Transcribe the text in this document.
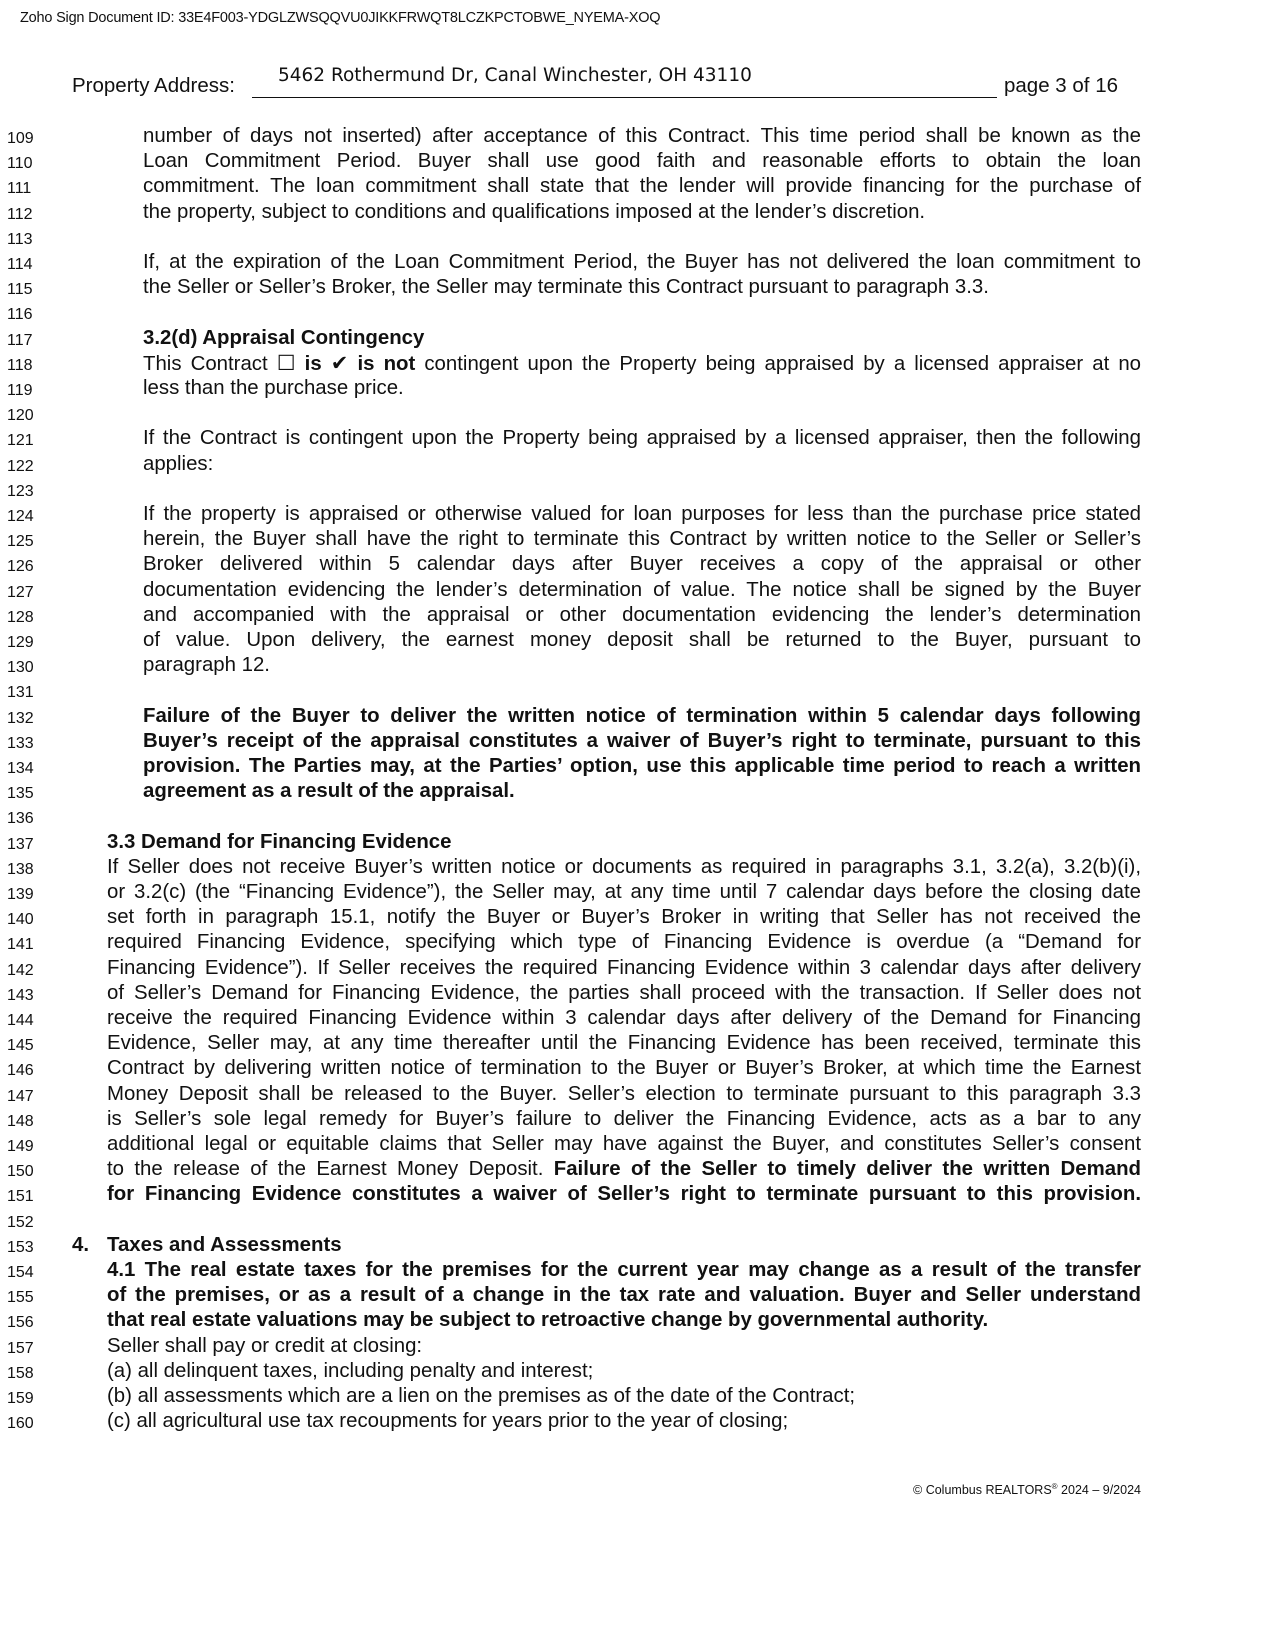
Zoho Sign Document ID: 33E4F003-YDGLZWSQQVU0JIKKFRWQT8LCZKPCTOBWE_NYEMA-XOQ
Property Address: 5462 Rothermund Dr, Canal Winchester, OH 43110	page 3 of 16
109	number of days not inserted) after acceptance of this Contract. This time period shall be known as the
110	Loan Commitment Period. Buyer shall use good faith and reasonable efforts to obtain the loan
111	commitment. The loan commitment shall state that the lender will provide financing for the purchase of
112	the property, subject to conditions and qualifications imposed at the lender’s discretion.
113
114	If, at the expiration of the Loan Commitment Period, the Buyer has not delivered the loan commitment to
115	the Seller or Seller’s Broker, the Seller may terminate this Contract pursuant to paragraph 3.3.
116
117	3.2(d) Appraisal Contingency
118	This Contract ☐ is ✔ is not contingent upon the Property being appraised by a licensed appraiser at no
119	less than the purchase price.
120
121	If the Contract is contingent upon the Property being appraised by a licensed appraiser, then the following
122	applies:
123
124	If the property is appraised or otherwise valued for loan purposes for less than the purchase price stated
125	herein, the Buyer shall have the right to terminate this Contract by written notice to the Seller or Seller’s
126	Broker delivered within 5 calendar days after Buyer receives a copy of the appraisal or other
127	documentation evidencing the lender’s determination of value. The notice shall be signed by the Buyer
128	and accompanied with the appraisal or other documentation evidencing the lender’s determination
129	of value. Upon delivery, the earnest money deposit shall be returned to the Buyer, pursuant to
130	paragraph 12.
131
132	Failure of the Buyer to deliver the written notice of termination within 5 calendar days following
133	Buyer’s receipt of the appraisal constitutes a waiver of Buyer’s right to terminate, pursuant to this
134	provision. The Parties may, at the Parties’ option, use this applicable time period to reach a written
135	agreement as a result of the appraisal.
136
137	3.3 Demand for Financing Evidence
138	If Seller does not receive Buyer’s written notice or documents as required in paragraphs 3.1, 3.2(a), 3.2(b)(i),
139	or 3.2(c) (the “Financing Evidence”), the Seller may, at any time until 7 calendar days before the closing date
140	set forth in paragraph 15.1, notify the Buyer or Buyer’s Broker in writing that Seller has not received the
141	required Financing Evidence, specifying which type of Financing Evidence is overdue (a “Demand for
142	Financing Evidence”). If Seller receives the required Financing Evidence within 3 calendar days after delivery
143	of Seller’s Demand for Financing Evidence, the parties shall proceed with the transaction. If Seller does not
144	receive the required Financing Evidence within 3 calendar days after delivery of the Demand for Financing
145	Evidence, Seller may, at any time thereafter until the Financing Evidence has been received, terminate this
146	Contract by delivering written notice of termination to the Buyer or Buyer’s Broker, at which time the Earnest
147	Money Deposit shall be released to the Buyer. Seller’s election to terminate pursuant to this paragraph 3.3
148	is Seller’s sole legal remedy for Buyer’s failure to deliver the Financing Evidence, acts as a bar to any
149	additional legal or equitable claims that Seller may have against the Buyer, and constitutes Seller’s consent
150	to the release of the Earnest Money Deposit. Failure of the Seller to timely deliver the written Demand
151	for Financing Evidence constitutes a waiver of Seller’s right to terminate pursuant to this provision.
152
153	4. Taxes and Assessments
154	4.1 The real estate taxes for the premises for the current year may change as a result of the transfer
155	of the premises, or as a result of a change in the tax rate and valuation. Buyer and Seller understand
156	that real estate valuations may be subject to retroactive change by governmental authority.
157	Seller shall pay or credit at closing:
158	(a) all delinquent taxes, including penalty and interest;
159	(b) all assessments which are a lien on the premises as of the date of the Contract;
160	(c) all agricultural use tax recoupments for years prior to the year of closing;
© Columbus REALTORS® 2024 – 9/2024
